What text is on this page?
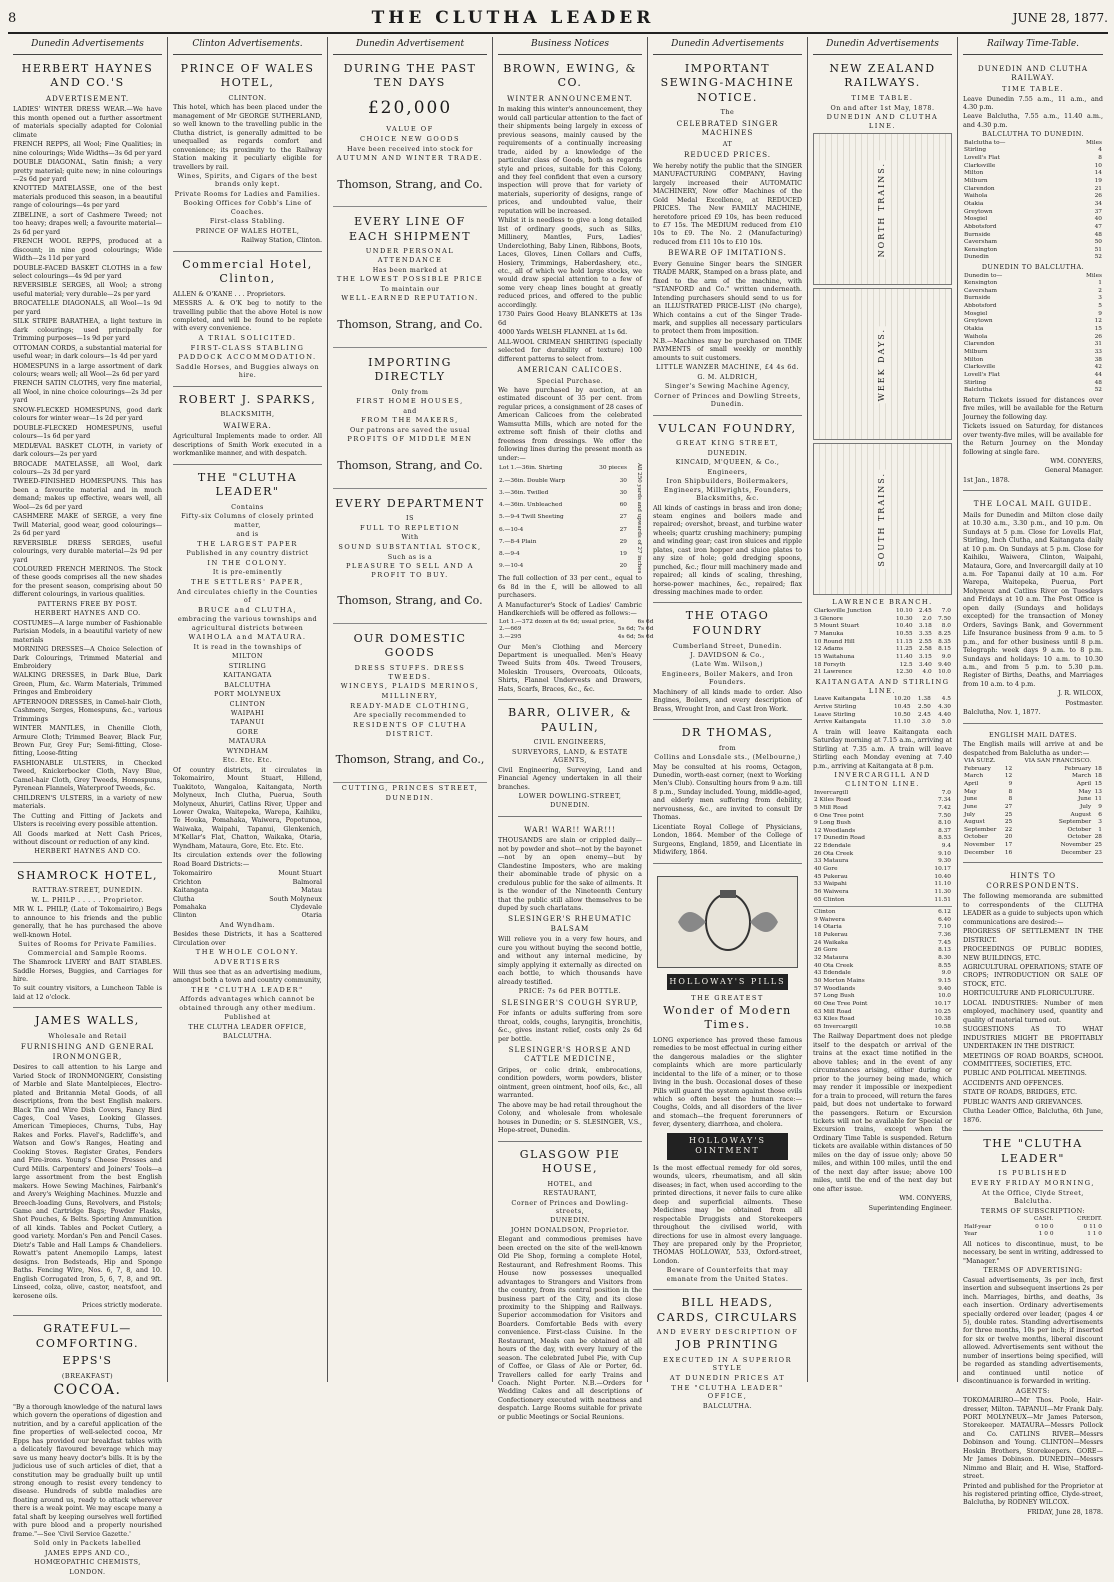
8	THE CLUTHA LEADER	JUNE 28, 1877.
Dunedin Advertisements
HERBERT HAYNES AND CO.'S
ADVERTISEMENT.

LADIES' WINTER DRESS WEAR.—We have this month opened out a further assortment of materials specially adapted for Colonial climate

FRENCH REPPS, all Wool; Fine Qualities; in nine colourings; Wide Widths—3s 6d per yard

DOUBLE DIAGONAL, Satin finish; a very pretty material; quite new; in nine colourings—2s 6d per yard

KNOTTED MATELASSE, one of the best materials produced this season, in a beautiful range of colourings—4s per yard

ZIBELINE, a sort of Cashmere Tweed; not too heavy; drapes well; a favourite material—2s 6d per yard

FRENCH WOOL REPPS, produced at a discount; in nine good colourings; Wide Width—2s 11d per yard

DOUBLE-FACED BASKET CLOTHS in a few select colourings—4s 9d per yard

REVERSIBLE SERGES, all Wool; a strong useful material; very durable—2s per yard

BROCATELLE DIAGONALS, all Wool—1s 9d per yard

SILK STRIPE BARATHEA, a light texture in dark colourings; used principally for Trimming purposes—1s 9d per yard

OTTOMAN CORDS, a substantial material for useful wear; in dark colours—1s 4d per yard

HOMESPUNS in a large assortment of dark colours; wears well; all Wool—2s 6d per yard

FRENCH SATIN CLOTHS, very fine material, all Wool, in nine choice colourings—2s 3d per yard

SNOW-FLECKED HOMESPUNS, good dark colours for winter wear—1s 2d per yard

DOUBLE-FLECKED HOMESPUNS, useful colours—1s 6d per yard

MEDIÆVAL BASKET CLOTH, in variety of dark colours—2s per yard

BROCADE MATELASSE, all Wool, dark colours—2s 3d per yard

TWEED-FINISHED HOMESPUNS. This has been a favourite material and in much demand; makes up effective, wears well, all Wool—2s 6d per yard

CASHMERE MAKE of SERGE, a very fine Twill Material, good wear, good colourings—2s 6d per yard

REVERSIBLE DRESS SERGES, useful colourings, very durable material—2s 9d per yard

COLOURED FRENCH MERINOS. The Stock of these goods comprises all the new shades for the present season, comprising about 50 different colourings, in various qualities.

PATTERNS FREE BY POST.

HERBERT HAYNES AND CO.

COSTUMES—A large number of Fashionable Parisian Models, in a beautiful variety of new materials

MORNING DRESSES—A Choice Selection of Dark Colourings, Trimmed Material and Embroidery

WALKING DRESSES, in Dark Blue, Dark Green, Plum, &c. Warm Materials, Trimmed Fringes and Embroidery

AFTERNOON DRESSES, in Camel-hair Cloth, Cashmere, Serges, Homespuns, &c., various Trimmings

WINTER MANTLES, in Chenille Cloth, Armure Cloth; Trimmed Beaver, Black Fur, Brown Fur, Grey Fur; Semi-fitting, Close-fitting, Loose-fitting

FASHIONABLE ULSTERS, in Checked Tweed, Knickerbocker Cloth, Navy Blue, Camel-hair Cloth, Grey Tweeds, Homespuns, Pyrenean Flannels, Waterproof Tweeds, &c.

CHILDREN'S ULSTERS, in a variety of new materials.

The Cutting and Fitting of Jackets and Ulsters is receiving every possible attention.

All Goods marked at Nett Cash Prices, without discount or reduction of any kind.

HERBERT HAYNES AND CO.

SHAMROCK HOTEL,

RATTRAY-STREET, DUNEDIN.

W. L. PHILP . . . . . Proprietor.

MR W. L. PHILP, (Late of Tokomairiro,) Begs to announce to his friends and the public generally, that he has purchased the above well-known Hotel.

Suites of Rooms for Private Families. Commercial and Sample Rooms.

The Shamrock LIVERY and BAIT STABLES. Saddle Horses, Buggies, and Carriages for hire.

To suit country visitors, a Luncheon Table is laid at 12 o'clock.

JAMES WALLS,

Wholesale and Retail

FURNISHING AND GENERAL IRONMONGER,

Desires to call attention to his Large and Varied Stock of IRONMONGERY, Consisting of Marble and Slate Mantelpieces, Electro-plated and Britannia Metal Goods, of all descriptions, from the best English makers. Black Tin and Wire Dish Covers, Fancy Bird Cages, Coal Vases, Looking Glasses. American Timepieces, Churns, Tubs, Hay Rakes and Forks. Flavel's, Radcliffe's, and Watson and Gow's Ranges, Heating and Cooking Stoves. Register Grates, Fenders and Fire-irons. Young's Cheese Presses and Curd Mills. Carpenters' and Joiners' Tools—a large assortment from the best English makers. Howe Sewing Machines, Fairbank's and Avery's Weighing Machines. Muzzle and Breech-loading Guns, Revolvers, and Pistols; Game and Cartridge Bags; Powder Flasks, Shot Pouches, & Belts. Sporting Ammunition of all kinds. Tables and Pocket Cutlery, a good variety. Mordan's Pen and Pencil Cases. Dietz's Table and Hall Lamps & Chandeliers. Rowatt's patent Anemopilo Lamps, latest designs. Iron Bedsteads, Hip and Sponge Baths. Fencing Wire, Nos. 6, 7, 8, and 10. English Corrugated Iron, 5, 6, 7, 8, and 9ft. Linseed, colza, olive, castor, neatsfoot, and kerosene oils.

Prices strictly moderate.

GRATEFUL—COMFORTING.
EPPS'S

(BREAKFAST)

COCOA.

"By a thorough knowledge of the natural laws which govern the operations of digestion and nutrition, and by a careful application of the fine properties of well-selected cocoa, Mr Epps has provided our breakfast tables with a delicately flavoured beverage which may save us many heavy doctor's bills. It is by the judicious use of such articles of diet, that a constitution may be gradually built up until strong enough to resist every tendency to disease. Hundreds of subtle maladies are floating around us, ready to attack wherever there is a weak point. We may escape many a fatal shaft by keeping ourselves well fortified with pure blood and a properly nourished frame."—See 'Civil Service Gazette.'

Sold only in Packets labelled

JAMES EPPS AND CO.,

HOMŒOPATHIC CHEMISTS,

LONDON.

Clinton Advertisements.
PRINCE OF WALES HOTEL,

CLINTON.

This hotel, which has been placed under the management of Mr GEORGE SUTHERLAND, so well known to the travelling public in the Clutha district, is generally admitted to be unequalled as regards comfort and convenience; its proximity to the Railway Station making it peculiarly eligible for travellers by rail.

Wines, Spirits, and Cigars of the best brands only kept.

Private Rooms for Ladies and Families.

Booking Offices for Cobb's Line of Coaches.

First-class Stabling.

PRINCE OF WALES HOTEL,

Railway Station, Clinton.

Commercial Hotel, Clinton,

ALLEN & O'KANE . . . Proprietors.

MESSRS A. & O'K beg to notify to the travelling public that the above Hotel is now completed, and will be found to be replete with every convenience.

A TRIAL SOLICITED.

FIRST-CLASS STABLING

PADDOCK ACCOMMODATION.

Saddle Horses, and Buggies always on hire.

ROBERT J. SPARKS,

BLACKSMITH,

WAIWERA.

Agricultural Implements made to order. All descriptions of Smith Work executed in a workmanlike manner, and with despatch.

THE "CLUTHA LEADER"

Contains

Fifty-six Columns of closely printed matter,

and is

THE LARGEST PAPER

Published in any country district

IN THE COLONY.

It is pre-eminently

THE SETTLERS' PAPER,

And circulates chiefly in the Counties of

BRUCE and CLUTHA,

embracing the various townships and agricultural districts between

WAIHOLA and MATAURA.

It is read in the townships of

MILTON

STIRLING

KAITANGATA

BALCLUTHA

PORT MOLYNEUX

CLINTON

WAIPAHI

TAPANUI

GORE

MATAURA

WYNDHAM

Etc. Etc. Etc.

Of country districts, it circulates in Tokomairiro, Mount Stuart, Hillend, Tuakitoto, Wangaloa, Kaitangata, North Molyneux, Inch Clutha, Puerua, South Molyneux, Ahuriri, Catlins River, Upper and Lower Owaka, Waitepeka, Warepa, Kaihiku, Te Houka, Pomahaka, Waiwera, Popotunoa, Waiwaka, Waipahi, Tapanui, Glenkenich, M'Kellar's Flat, Chatton, Waikaka, Otaria, Wyndham, Mataura, Gore, Etc. Etc. Etc.

Its circulation extends over the following Road Board Districts:—

Tokomairiro	Mount Stuart
Crichton	Balmoral
Kaitangata	Matau
Clutha	South Molyneux
Pomahaka	Clydevale
Clinton	Otaria

And Wyndham.

Besides these Districts, it has a Scattered Circulation over

THE WHOLE COLONY.

ADVERTISERS

Will thus see that as an advertising medium, amongst both a town and country community,

THE "CLUTHA LEADER"

Affords advantages which cannot be obtained through any other medium.

Published at

THE CLUTHA LEADER OFFICE,

BALCLUTHA.

Dunedin Advertisement
DURING THE PAST TEN DAYS
£20,000

VALUE OF

CHOICE NEW GOODS

Have been received into stock for

AUTUMN AND WINTER TRADE.

Thomson, Strang, and Co.
EVERY LINE OF EACH SHIPMENT

UNDER PERSONAL ATTENDANCE

Has been marked at

THE LOWEST POSSIBLE PRICE

To maintain our

WELL-EARNED REPUTATION.

Thomson, Strang, and Co.
IMPORTING DIRECTLY

Only from

FIRST HOME HOUSES,

and

FROM THE MAKERS,

Our patrons are saved the usual

PROFITS OF MIDDLE MEN

Thomson, Strang, and Co.
EVERY DEPARTMENT

IS

FULL TO REPLETION

With

SOUND SUBSTANTIAL STOCK,

Such as is a

PLEASURE TO SELL AND A PROFIT TO BUY.

Thomson, Strang, and Co.
OUR DOMESTIC GOODS

DRESS STUFFS. DRESS TWEEDS.

WINCEYS, PLAIDS MERINOS,

MILLINERY,

READY-MADE CLOTHING,

Are specially recommended to

RESIDENTS OF CLUTHA DISTRICT.

Thomson, Strang, and Co.,

CUTTING, PRINCES STREET,

DUNEDIN.

Business Notices
BROWN, EWING, & CO.
WINTER ANNOUNCEMENT.

In making this winter's announcement, they would call particular attention to the fact of their shipments being largely in excess of previous seasons, mainly caused by the requirements of a continually increasing trade, aided by a knowledge of the particular class of Goods, both as regards style and prices, suitable for this Colony, and they feel confident that even a cursory inspection will prove that for variety of materials, superiority of designs, range of prices, and undoubted value, their reputation will be increased.

Whilst it is needless to give a long detailed list of ordinary goods, such as Silks, Millinery, Mantles, Furs, Ladies' Underclothing, Baby Linen, Ribbons, Boots, Laces, Gloves, Linen Collars and Cuffs, Hosiery, Trimmings, Haberdashery, etc., etc., all of which we hold large stocks, we would draw special attention to a few of some very cheap lines bought at greatly reduced prices, and offered to the public accordingly.

1730 Pairs Good Heavy BLANKETS at 13s 6d

4000 Yards WELSH FLANNEL at 1s 6d.

ALL-WOOL CRIMEAN SHIRTING (specially selected for durability of texture) 100 different patterns to select from.

AMERICAN CALICOES.

Special Purchase.

We have purchased by auction, at an estimated discount of 35 per cent. from regular prices, a consignment of 28 cases of American Calicoes from the celebrated Wamsutta Mills, which are noted for the extreme soft finish of their cloths and freeness from dressings. We offer the following lines during the present month as under:—

Lot 1.—36in. Shirting	30 pieces
2.—36in. Double Warp	30
3.—36in. Twilled	30
4.—36in. Unbleached	60
5.—9-4 Twill Sheeting	27
6.—10-4	27
7.—8-4 Plain	29
8.—9-4	19
9.—10-4	20	All 250 yards and upwards of 27 inches

The full collection of 33 per cent., equal to 6s 8d in the £, will be allowed to all purchasers.

A Manufacturer's Stock of Ladies' Cambric Handkerchiefs will be offered as follows:—

Lot 1.—372 dozen at 6s 6d; usual price,	6s 6d
2.—669	5s 6d; 7s 6d
3.—295	4s 6d; 5s 6d

Our Men's Clothing and Mercery Department is unequalled. Men's Heavy Tweed Suits from 40s. Tweed Trousers, Moleskin Trousers, Overcoats, Oilcoats, Shirts, Flannel Undervests and Drawers, Hats, Scarfs, Braces, &c., &c.

BARR, OLIVER, & PAULIN,

CIVIL ENGINEERS,

SURVEYORS, LAND, & ESTATE AGENTS,

Civil Engineering, Surveying, Land and Financial Agency undertaken in all their branches.

LOWER DOWLING-STREET,

DUNEDIN.

WAR! WAR!! WAR!!!

THOUSANDS are slain or crippled daily—not by powder and shot—not by the bayonet—not by an open enemy—but by Clandestine Imposters, who are making their abominable trade of physic on a credulous public for the sake of ailments. It is the wonder of the Nineteenth Century that the public still allow themselves to be duped by such charlatans.

SLESINGER'S RHEUMATIC BALSAM

Will relieve you in a very few hours, and cure you without buying the second bottle, and without any internal medicine, by simply applying it externally as directed on each bottle, to which thousands have already testified.

PRICE: 7s 6d PER BOTTLE.

SLESINGER'S COUGH SYRUP,

For infants or adults suffering from sore throat, colds, coughs, laryngitis, bronchitis, &c., gives instant relief, costs only 2s 6d per bottle.

SLESINGER'S HORSE AND CATTLE MEDICINE,

Gripes, or colic drink, embrocations, condition powders, worm powders, blister ointment, green ointment, hoof oils, &c., all warranted.

The above may be had retail throughout the Colony, and wholesale from wholesale houses in Dunedin; or S. SLESINGER, V.S., Hope-street, Dunedin.

GLASGOW PIE HOUSE,

HOTEL, and

RESTAURANT,

Corner of Princes and Dowling-streets,

DUNEDIN.

JOHN DONALDSON, Proprietor.

Elegant and commodious premises have been erected on the site of the well-known Old Pie Shop, forming a complete Hotel, Restaurant, and Refreshment Rooms. This House now possesses unequalled advantages to Strangers and Visitors from the country, from its central position in the business part of the City, and its close proximity to the Shipping and Railways. Superior accommodation for Visitors and Boarders. Comfortable Beds with every convenience. First-class Cuisine. In the Restaurant, Meals can be obtained at all hours of the day, with every luxury of the season. The celebrated Jubel Pie, with Cup of Coffee, or Glass of Ale or Porter, 6d. Travellers called for early Trains and Coach. Night Porter. N.B.—Orders for Wedding Cakes and all descriptions of Confectionery executed with neatness and despatch. Large Rooms suitable for private or public Meetings or Social Reunions.

Dunedin Advertisements
IMPORTANT SEWING-MACHINE NOTICE.

The

CELEBRATED SINGER MACHINES

AT

REDUCED PRICES.

We hereby notify the public that the SINGER MANUFACTURING COMPANY, Having largely increased their AUTOMATIC MACHINERY, Now offer Machines of the Gold Medal Excellence, at REDUCED PRICES. The New FAMILY MACHINE, heretofore priced £9 10s, has been reduced to £7 15s. The MEDIUM reduced from £10 10s to £9. The No. 2 (Manufacturing) reduced from £11 10s to £10 10s.

BEWARE OF IMITATIONS.

Every Genuine Singer bears the SINGER TRADE MARK, Stamped on a brass plate, and fixed to the arm of the machine, with "STANFORD and Co." written underneath. Intending purchasers should send to us for an ILLUSTRATED PRICE-LIST (No charge), Which contains a cut of the Singer Trade-mark, and supplies all necessary particulars to protect them from imposition.

N.B.—Machines may be purchased on TIME PAYMENTS of small weekly or monthly amounts to suit customers.

LITTLE WANZER MACHINE, £4 4s 6d.

G. M. ALDRICH,

Singer's Sewing Machine Agency,

Corner of Princes and Dowling Streets, Dunedin.

VULCAN FOUNDRY,

GREAT KING STREET,

DUNEDIN.

KINCAID, M'QUEEN, & Co.,

Engineers,

Iron Shipbuilders, Boilermakers, Engineers, Millwrights, Founders, Blacksmiths, &c.

All kinds of castings in brass and iron done; steam engines and boilers made and repaired; overshot, breast, and turbine water wheels; quartz crushing machinery; pumping and winding gear; cast iron sluices and ripple plates, cast iron hopper and sluice plates to any size of hole; gold dredging spoons, punched, &c.; flour mill machinery made and repaired; all kinds of scaling, threshing, horse-power machines, &c., repaired; flax dressing machines made to order.

THE OTAGO FOUNDRY

Cumberland Street, Dunedin.

J. DAVIDSON & Co.,

(Late Wm. Wilson,)

Engineers, Boiler Makers, and Iron Founders.

Machinery of all kinds made to order. Also Engines, Boilers, and every description of Brass, Wrought Iron, and Cast Iron Work.

DR THOMAS,

from

Collins and Lonsdale sts., (Melbourne,)

May be consulted at his rooms, Octagon, Dunedin, worth-east corner, (next to Working Men's Club). Consulting hours from 9 a.m. till 8 p.m., Sunday included. Young, middle-aged, and elderly men suffering from debility, nervousness, &c., are invited to consult Dr Thomas.

Licentiate Royal College of Physicians, London, 1864. Member of the College of Surgeons, England, 1859, and Licentiate in Midwifery, 1864.

HOLLOWAY'S PILLS

THE GREATEST

Wonder of Modern Times.

LONG experience has proved these famous remedies to be most effectual in curing either the dangerous maladies or the slighter complaints which are more particularly incidental to the life of a miner, or to those living in the bush. Occasional doses of these Pills will guard the system against those evils which so often beset the human race:—Coughs, Colds, and all disorders of the liver and stomach—the frequent forerunners of fever, dysentery, diarrhœa, and cholera.

HOLLOWAY'S OINTMENT

Is the most effectual remedy for old sores, wounds, ulcers, rheumatism, and all skin diseases; in fact, when used according to the printed directions, it never fails to cure alike deep and superficial ailments. These Medicines may be obtained from all respectable Druggists and Storekeepers throughout the civilised world, with directions for use in almost every language. They are prepared only by the Proprietor, THOMAS HOLLOWAY, 533, Oxford-street, London.

Beware of Counterfeits that may emanate from the United States.

BILL HEADS, CARDS, CIRCULARS

AND EVERY DESCRIPTION OF

JOB PRINTING

EXECUTED IN A SUPERIOR STYLE

AT DUNEDIN PRICES AT

THE "CLUTHA LEADER" OFFICE,

BALCLUTHA.

Dunedin Advertisements
NEW ZEALAND RAILWAYS.

TIME TABLE.

On and after 1st May, 1878.

DUNEDIN AND CLUTHA LINE.

NORTH TRAINS.
WEEK DAYS.
SOUTH TRAINS.

LAWRENCE BRANCH.

Clarksville Junction	10.10	2.45	7.0
3 Glenore	10.30	2.0	7.50
5 Mount Stuart	10.40	3.18	8.0
7 Manuka	10.55	3.35	8.25
10 Round Hill	11.15	2.55	8.35
12 Adams	11.25	2.58	8.15
15 Waitahuna	11.40	3.15	9.0
18 Forsyth	12.5	3.40	9.40
21 Lawrence	12.30	4.0	10.0

KAITANGATA AND STIRLING LINE.

Leave Kaitangata	10.20	1.38	4.5
Arrive Stirling	10.45	2.50	4.30
Leave Stirling	10.50	2.45	4.40
Arrive Kaitangata	11.10	3.0	5.0

A train will leave Kaitangata each Saturday morning at 7.15 a.m., arriving at Stirling at 7.35 a.m. A train will leave Stirling each Monday evening at 7.40 p.m., arriving at Kaitangata at 8 p.m.

INVERCARGILL AND CLINTON LINE.

Invercargill	7.0
2 Kiles Road	7.34
5 Mill Road	7.42
6 One Tree point	7.50
9 Long Bush	8.10
12 Woodlands	8.37
17 Dunedin Road	8.53
22 Edendale	9.4
26 Ota Creek	9.10
33 Mataura	9.30
40 Gore	10.17
45 Pukerau	10.40
53 Waipahi	11.10
56 Waiwera	11.30
65 Clinton	11.51
Clinton	6.12
9 Waiwera	6.40
14 Otaria	7.10
18 Pukerau	7.36
24 Waikaka	7.45
26 Gore	8.13
32 Mataura	8.30
40 Ota Creek	8.55
43 Edendale	9.0
50 Morton Mains	9.15
57 Woodlands	9.40
57 Long Bush	10.0
60 One Tree Point	10.17
63 Mill Road	10.25
63 Kiles Road	10.38
65 Invercargill	10.58

The Railway Department does not pledge itself to the despatch or arrival of the trains at the exact time notified in the above tables; and in the event of any circumstances arising, either during or prior to the journey being made, which may render it impossible or inexpedient for a train to proceed, will return the fares paid, but does not undertake to forward the passengers. Return or Excursion tickets will not be available for Special or Excursion trains, except when the Ordinary Time Table is suspended. Return tickets are available within distances of 50 miles on the day of issue only; above 50 miles, and within 100 miles, until the end of the next day after issue; above 100 miles, until the end of the next day but one after issue.

WM. CONYERS,

Superintending Engineer.

Railway Time-Table.
DUNEDIN AND CLUTHA RAILWAY.

TIME TABLE.

Leave Dunedin 7.55 a.m., 11 a.m., and 4.30 p.m.

Leave Balclutha, 7.55 a.m., 11.40 a.m., and 4.30 p.m.

BALCLUTHA TO DUNEDIN.

Balclutha to—	Miles
Stirling	4
Lovell's Flat	8
Clarksville	10
Milton	14
Milburn	19
Clarendon	21
Waihola	26
Otakia	34
Greytown	37
Mosgiel	40
Abbotsford	47
Burnside	48
Caversham	50
Kensington	51
Dunedin	52

DUNEDIN TO BALCLUTHA.

Dunedin to—	Miles
Kensington	1
Caversham	2
Burnside	3
Abbotsford	5
Mosgiel	9
Greytown	12
Otakia	15
Waihola	26
Clarendon	31
Milburn	33
Milton	38
Clarksville	42
Lovell's Flat	44
Stirling	48
Balclutha	52

Return Tickets issued for distances over five miles, will be available for the Return Journey the following day.

Tickets issued on Saturday, for distances over twenty-five miles, will be available for the Return Journey on the Monday following at single fare.

WM. CONYERS,

General Manager.

1st Jan., 1878.

THE LOCAL MAIL GUIDE.

Mails for Dunedin and Milton close daily at 10.30 a.m., 3.30 p.m., and 10 p.m. On Sundays at 5 p.m. Close for Lovells Flat, Stirling, Inch Clutha, and Kaitangata daily at 10 p.m. On Sundays at 5 p.m. Close for Kaihiku, Waiwera, Clinton, Waipahi, Mataura, Gore, and Invercargill daily at 10 a.m. For Tapanui daily at 10 a.m. For Warepa, Waitepeka, Puerua, Port Molyneux and Catlins River on Tuesdays and Fridays at 10 a.m. The Post Office is open daily (Sundays and holidays excepted) for the transaction of Money Orders, Savings Bank, and Government Life Insurance business from 9 a.m. to 5 p.m., and for other business until 8 p.m. Telegraph: week days 9 a.m. to 8 p.m. Sundays and holidays: 10 a.m. to 10.30 a.m., and from 5 p.m. to 5.30 p.m. Register of Births, Deaths, and Marriages from 10 a.m. to 4 p.m.

J. R. WILCOX,

Postmaster.

Balclutha, Nov. 1, 1877.

ENGLISH MAIL DATES.

The English mails will arrive at and be despatched from Balclutha as under:—

VIA SUEZ.		VIA SAN FRANCISCO.	
February	12	February	18
March	12	March	18
April	9	April	15
May	8	May	13
June	8	June	11
June	27	July	9
July	25	August	6
August	25	September	3
September	22	October	1
October	20	October	28
November	17	November	25
December	16	December	23
HINTS TO CORRESPONDENTS.

The following memoranda are submitted to correspondents of the CLUTHA LEADER as a guide to subjects upon which communications are desired:—

PROGRESS OF SETTLEMENT IN THE DISTRICT.

PROCEEDINGS OF PUBLIC BODIES, NEW BUILDINGS, ETC.

AGRICULTURAL OPERATIONS; STATE OF CROPS; INTRODUCTION OR SALE OF STOCK, ETC.

HORTICULTURE AND FLORICULTURE.

LOCAL INDUSTRIES: Number of men employed, machinery used, quantity and quality of material turned out.

SUGGESTIONS AS TO WHAT INDUSTRIES MIGHT BE PROFITABLY UNDERTAKEN IN THE DISTRICT.

MEETINGS OF ROAD BOARDS, SCHOOL COMMITTEES, SOCIETIES, ETC.

PUBLIC AND POLITICAL MEETINGS.

ACCIDENTS AND OFFENCES.

STATE OF ROADS, BRIDGES, ETC.

PUBLIC WANTS AND GRIEVANCES.

Clutha Leader Office, Balclutha, 6th June, 1876.

THE "CLUTHA LEADER"

IS PUBLISHED

EVERY FRIDAY MORNING,

At the Office, Clyde Street, Balclutha.

TERMS OF SUBSCRIPTION:

	CASH.	CREDIT.
Half-year	0 10 0	0 11 0
Year	1 0 0	1 1 0

All notices to discontinue, must, to be necessary, be sent in writing, addressed to "Manager."

TERMS OF ADVERTISING:

Casual advertisements, 3s per inch, first insertion and subsequent insertions 2s per inch. Marriages, births, and deaths, 3s each insertion. Ordinary advertisements specially ordered over leader, (pages 4 or 5), double rates. Standing advertisements for three months, 10s per inch; if inserted for six or twelve months, liberal discount allowed. Advertisements sent without the number of insertions being specified, will be regarded as standing advertisements, and continued until notice of discontinuance is forwarded in writing.

AGENTS:

TOKOMAIRIRO—Mr Thos. Poole, Hair-dresser, Milton. TAPANUI—Mr Frank Daly. PORT MOLYNEUX—Mr James Paterson, Storekeeper. MATAURA—Messrs Pollock and Co. CATLINS RIVER—Messrs Dobinson and Young. CLINTON—Messrs Hoskin Brothers, Storekeepers. GORE—Mr James Dobinson. DUNEDIN—Messrs Nimmo and Blair, and H. Wise, Stafford-street.

Printed and published for the Proprietor at his registered printing office, Clyde-street, Balclutha, by RODNEY WILCOX.

FRIDAY, June 28, 1878.
